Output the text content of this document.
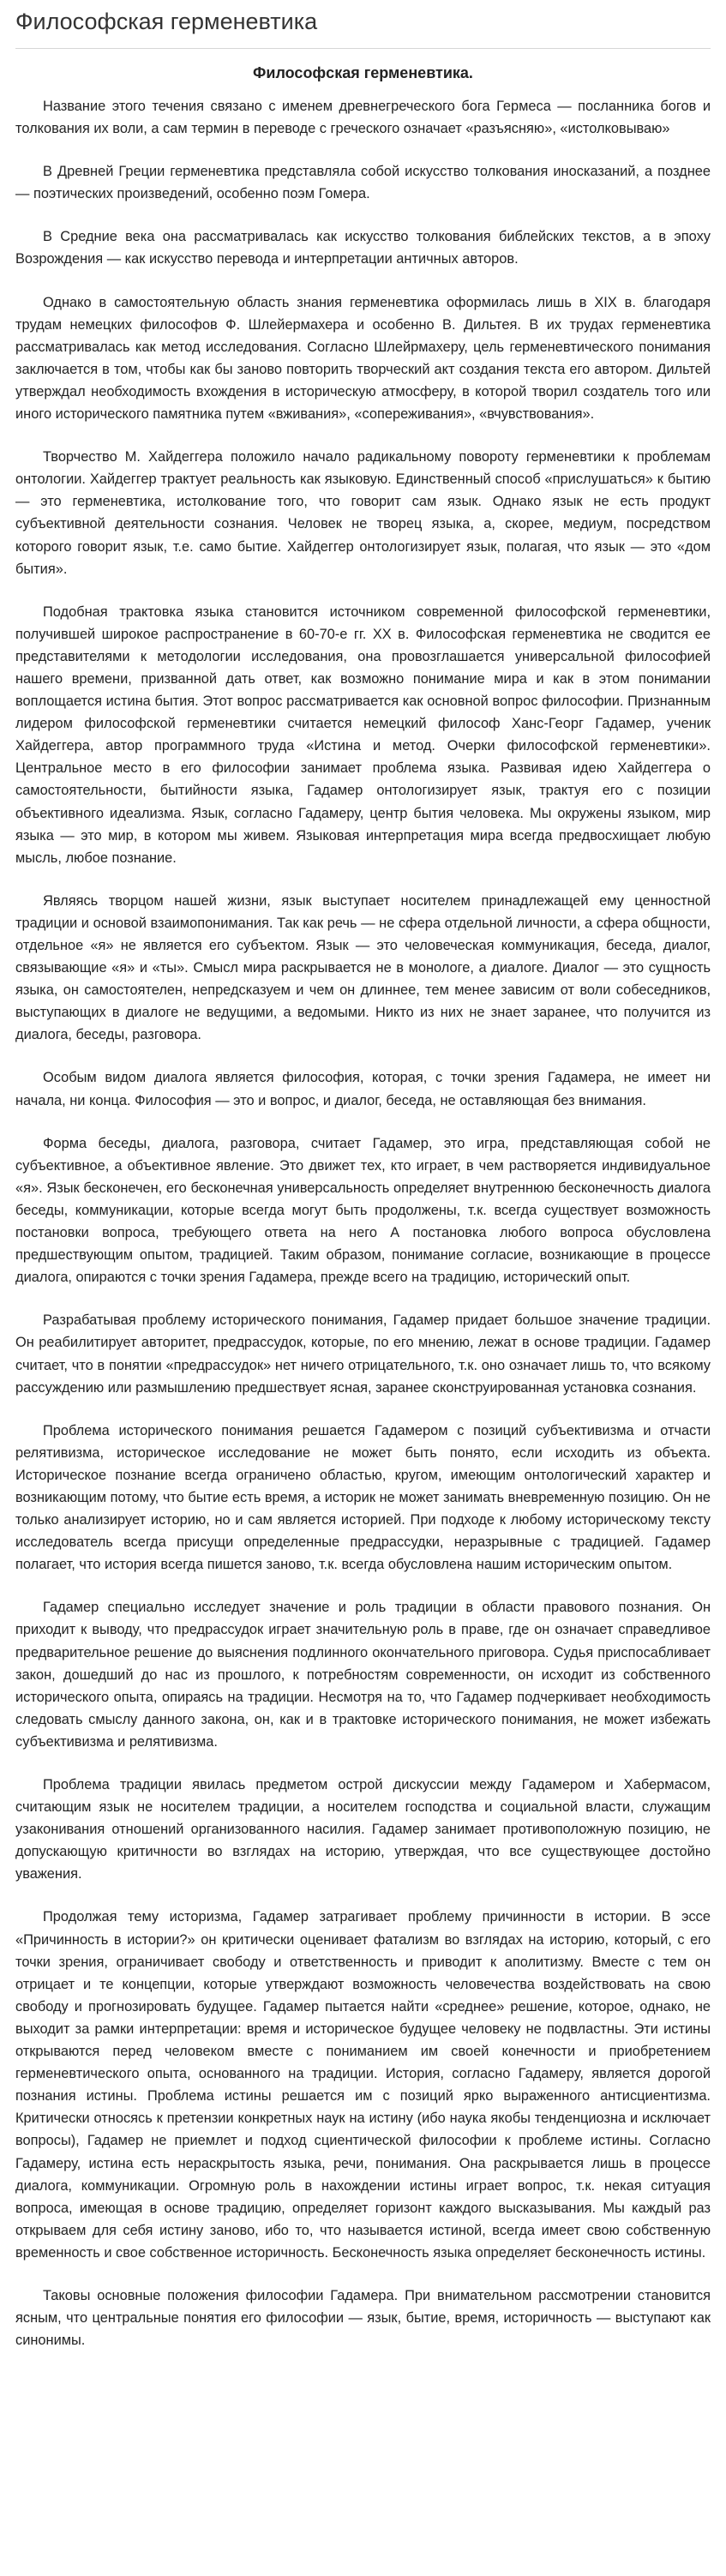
Философская герменевтика
Философская герменевтика.

Название этого течения связано с именем древнегреческого бога Гермеса — посланника богов и толкования их воли, а сам термин в переводе с греческого означает «разъясняю», «истолковываю»

В Древней Греции герменевтика представляла собой искусство толкования иносказаний, а позднее — поэтических произведений, особенно поэм Гомера.

В Средние века она рассматривалась как искусство толкования библейских текстов, а в эпоху Возрождения — как искусство перевода и интерпретации античных авторов.

Однако в самостоятельную область знания герменевтика оформилась лишь в XIX в. благодаря трудам немецких философов Ф. Шлейермахера и особенно В. Дильтея. В их трудах герменевтика рассматривалась как метод исследования. Согласно Шлейрмахеру, цель герменевтического понимания заключается в том, чтобы как бы заново повторить творческий акт создания текста его автором. Дильтей утверждал необходимость вхождения в историческую атмосферу, в которой творил создатель того или иного исторического памятника путем «вживания», «сопереживания», «вчувствования».

Творчество М. Хайдеггера положило начало радикальному повороту герменевтики к проблемам онтологии. Хайдеггер трактует реальность как языковую. Единственный способ «прислушаться» к бытию — это герменевтика, истолкование того, что говорит сам язык. Однако язык не есть продукт субъективной деятельности сознания. Человек не творец языка, а, скорее, медиум, посредством которого говорит язык, т.е. само бытие. Хайдеггер онтологизирует язык, полагая, что язык — это «дом бытия».

Подобная трактовка языка становится источником современной философской герменевтики, получившей широкое распространение в 60-70-е гг. XX в. Философская герменевтика не сводится ее представителями к методологии исследования, она провозглашается универсальной философией нашего времени, призванной дать ответ, как возможно понимание мира и как в этом понимании воплощается истина бытия. Этот вопрос рассматривается как основной вопрос философии. Признанным лидером философской герменевтики считается немецкий философ Ханс-Георг Гадамер, ученик Хайдеггера, автор программного труда «Истина и метод. Очерки философской герменевтики». Центральное место в его философии занимает проблема языка. Развивая идею Хайдеггера о самостоятельности, бытийности языка, Гадамер онтологизирует язык, трактуя его с позиции объективного идеализма. Язык, согласно Гадамеру, центр бытия человека. Мы окружены языком, мир языка — это мир, в котором мы живем. Языковая интерпретация мира всегда предвосхищает любую мысль, любое познание.

Являясь творцом нашей жизни, язык выступает носителем принадлежащей ему ценностной традиции и основой взаимопонимания. Так как речь — не сфера отдельной личности, а сфера общности, отдельное «я» не является его субъектом. Язык — это человеческая коммуникация, беседа, диалог, связывающие «я» и «ты». Смысл мира раскрывается не в монологе, а диалоге. Диалог — это сущность языка, он самостоятелен, непредсказуем и чем он длиннее, тем менее зависим от воли собеседников, выступающих в диалоге не ведущими, а ведомыми. Никто из них не знает заранее, что получится из диалога, беседы, разговора.

Особым видом диалога является философия, которая, с точки зрения Гадамера, не имеет ни начала, ни конца. Философия — это и вопрос, и диалог, беседа, не оставляющая без внимания.

Форма беседы, диалога, разговора, считает Гадамер, это игра, представляющая собой не субъективное, а объективное явление. Это движет тех, кто играет, в чем растворяется индивидуальное «я». Язык бесконечен, его бесконечная универсальность определяет внутреннюю бесконечность диалога беседы, коммуникации, которые всегда могут быть продолжены, т.к. всегда существует возможность постановки вопроса, требующего ответа на него А постановка любого вопроса обусловлена предшествующим опытом, традицией. Таким образом, понимание согласие, возникающие в процессе диалога, опираются с точки зрения Гадамера, прежде всего на традицию, исторический опыт.

Разрабатывая проблему исторического понимания, Гадамер придает большое значение традиции. Он реабилитирует авторитет, предрассудок, которые, по его мнению, лежат в основе традиции. Гадамер считает, что в понятии «предрассудок» нет ничего отрицательного, т.к. оно означает лишь то, что всякому рассуждению или размышлению предшествует ясная, заранее сконструированная установка сознания.

Проблема исторического понимания решается Гадамером с позиций субъективизма и отчасти релятивизма, историческое исследование не может быть понято, если исходить из объекта. Историческое познание всегда ограничено областью, кругом, имеющим онтологический характер и возникающим потому, что бытие есть время, а историк не может занимать вневременную позицию. Он не только анализирует историю, но и сам является историей. При подходе к любому историческому тексту исследователь всегда присущи определенные предрассудки, неразрывные с традицией. Гадамер полагает, что история всегда пишется заново, т.к. всегда обусловлена нашим историческим опытом.

Гадамер специально исследует значение и роль традиции в области правового познания. Он приходит к выводу, что предрассудок играет значительную роль в праве, где он означает справедливое предварительное решение до выяснения подлинного окончательного приговора. Судья приспосабливает закон, дошедший до нас из прошлого, к потребностям современности, он исходит из собственного исторического опыта, опираясь на традиции. Несмотря на то, что Гадамер подчеркивает необходимость следовать смыслу данного закона, он, как и в трактовке исторического понимания, не может избежать субъективизма и релятивизма.

Проблема традиции явилась предметом острой дискуссии между Гадамером и Хабермасом, считающим язык не носителем традиции, а носителем господства и социальной власти, служащим узаконивания отношений организованного насилия. Гадамер занимает противоположную позицию, не допускающую критичности во взглядах на историю, утверждая, что все существующее достойно уважения.

Продолжая тему историзма, Гадамер затрагивает проблему причинности в истории. В эссе «Причинность в истории?» он критически оценивает фатализм во взглядах на историю, который, с его точки зрения, ограничивает свободу и ответственность и приводит к аполитизму. Вместе с тем он отрицает и те концепции, которые утверждают возможность человечества воздействовать на свою свободу и прогнозировать будущее. Гадамер пытается найти «среднее» решение, которое, однако, не выходит за рамки интерпретации: время и историческое будущее человеку не подвластны. Эти истины открываются перед человеком вместе с пониманием им своей конечности и приобретением герменевтического опыта, основанного на традиции. История, согласно Гадамеру, является дорогой познания истины. Проблема истины решается им с позиций ярко выраженного антисциентизма. Критически относясь к претензии конкретных наук на истину (ибо наука якобы тенденциозна и исключает вопросы), Гадамер не приемлет и подход сциентической философии к проблеме истины. Согласно Гадамеру, истина есть нераскрытость языка, речи, понимания. Она раскрывается лишь в процессе диалога, коммуникации. Огромную роль в нахождении истины играет вопрос, т.к. некая ситуация вопроса, имеющая в основе традицию, определяет горизонт каждого высказывания. Мы каждый раз открываем для себя истину заново, ибо то, что называется истиной, всегда имеет свою собственную временность и свое собственное историчность. Бесконечность языка определяет бесконечность истины.

Таковы основные положения философии Гадамера. При внимательном рассмотрении становится ясным, что центральные понятия его философии — язык, бытие, время, историчность — выступают как синонимы.
